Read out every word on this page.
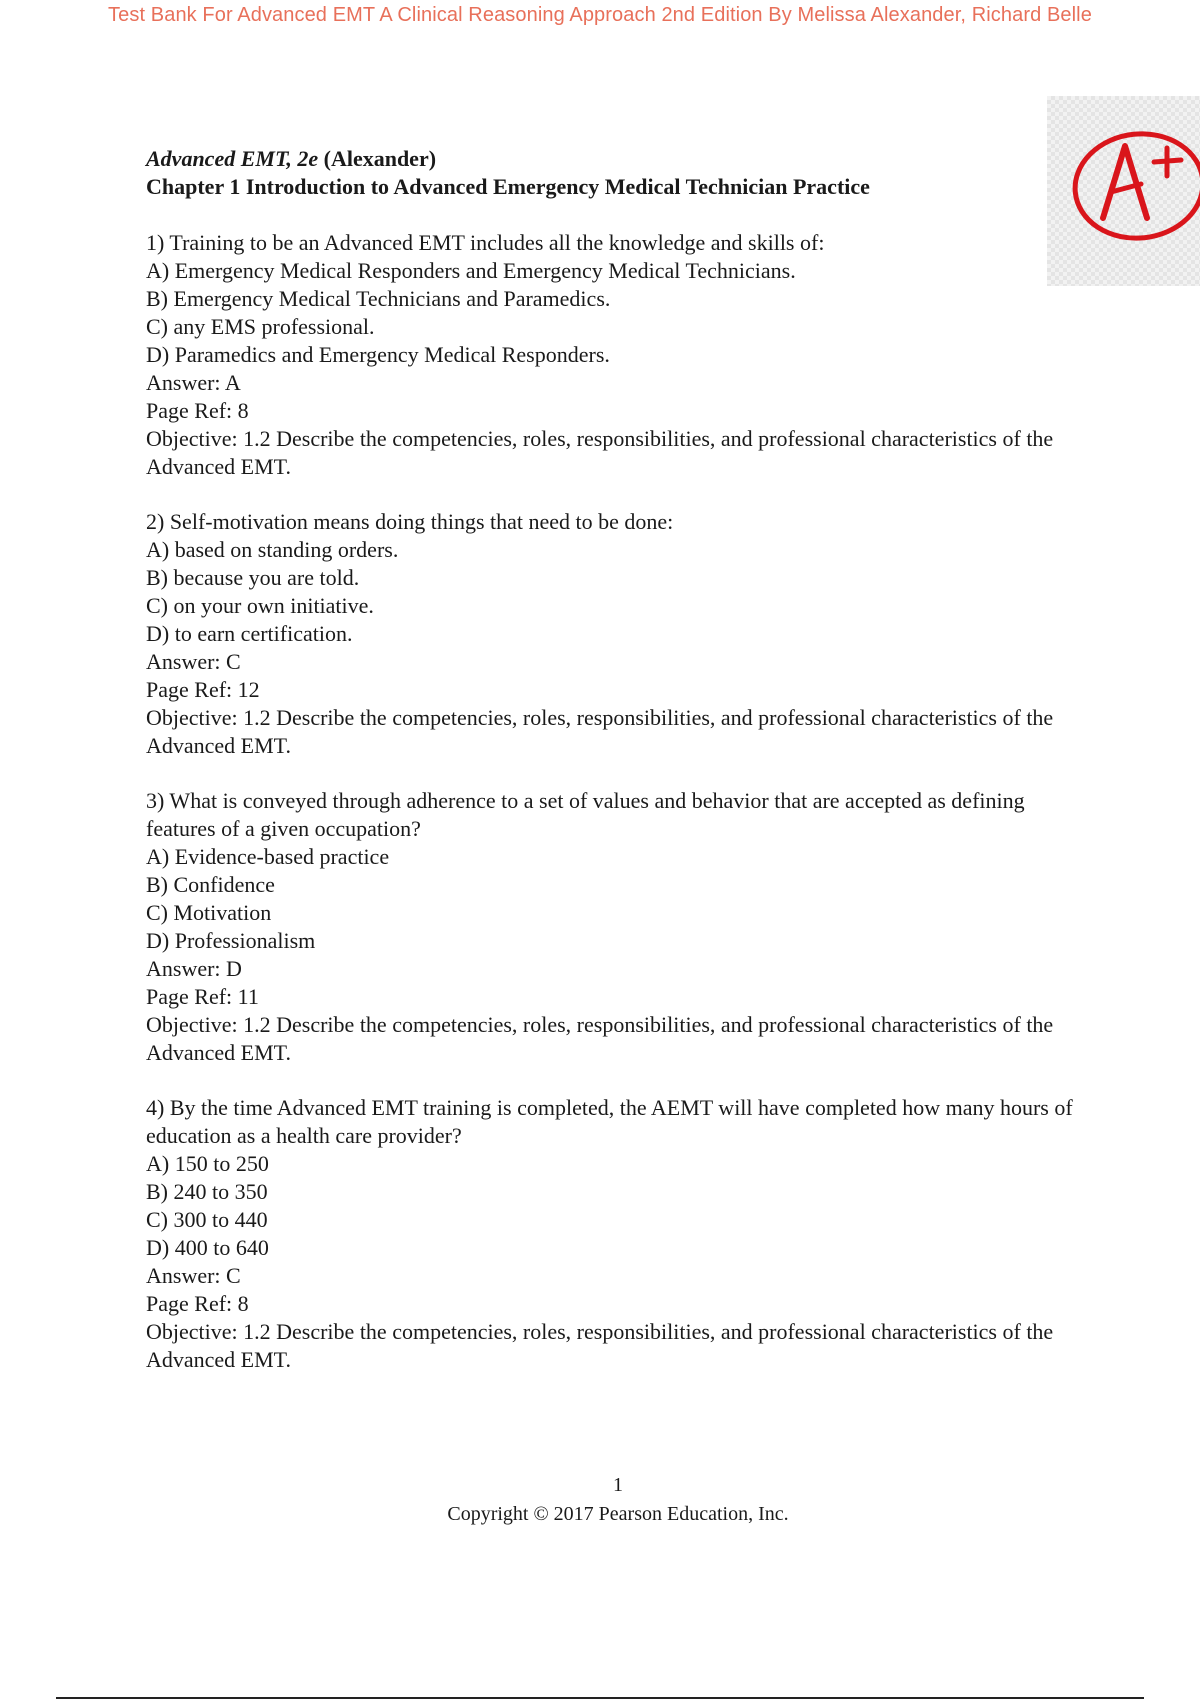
Test Bank For Advanced EMT A Clinical Reasoning Approach 2nd Edition By Melissa Alexander, Richard Belle
Advanced EMT, 2e (Alexander)
Chapter 1 Introduction to Advanced Emergency Medical Technician Practice
1) Training to be an Advanced EMT includes all the knowledge and skills of:
A) Emergency Medical Responders and Emergency Medical Technicians.
B) Emergency Medical Technicians and Paramedics.
C) any EMS professional.
D) Paramedics and Emergency Medical Responders.
Answer: A
Page Ref: 8
Objective: 1.2 Describe the competencies, roles, responsibilities, and professional characteristics of the Advanced EMT.
2) Self-motivation means doing things that need to be done:
A) based on standing orders.
B) because you are told.
C) on your own initiative.
D) to earn certification.
Answer: C
Page Ref: 12
Objective: 1.2 Describe the competencies, roles, responsibilities, and professional characteristics of the Advanced EMT.
3) What is conveyed through adherence to a set of values and behavior that are accepted as defining features of a given occupation?
A) Evidence-based practice
B) Confidence
C) Motivation
D) Professionalism
Answer: D
Page Ref: 11
Objective: 1.2 Describe the competencies, roles, responsibilities, and professional characteristics of the Advanced EMT.
4) By the time Advanced EMT training is completed, the AEMT will have completed how many hours of education as a health care provider?
A) 150 to 250
B) 240 to 350
C) 300 to 440
D) 400 to 640
Answer: C
Page Ref: 8
Objective: 1.2 Describe the competencies, roles, responsibilities, and professional characteristics of the Advanced EMT.
1
Copyright © 2017 Pearson Education, Inc.
